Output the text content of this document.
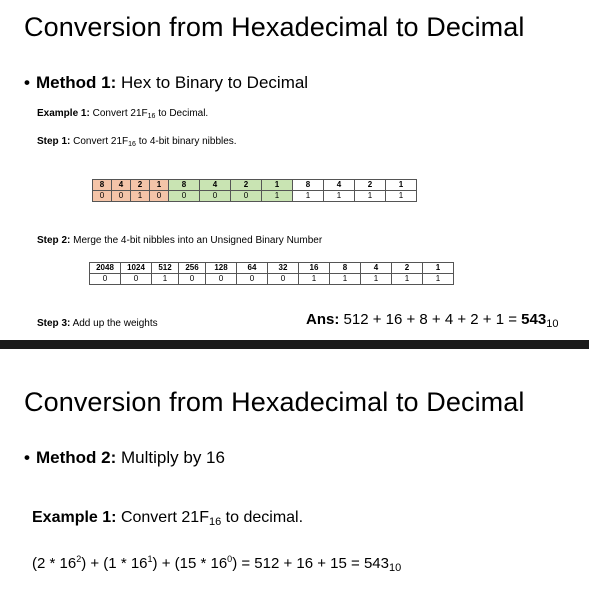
Conversion from Hexadecimal to Decimal
• Method 1: Hex to Binary to Decimal
Example 1: Convert $21F_{16}$ to Decimal.
Step 1: Convert $21F_{16}$ to 4-bit binary nibbles.
8	4	2	1	8	4	2	1	8	4	2	1
0	0	1	0	0	0	0	1	1	1	1	1
Step 2: Merge the 4-bit nibbles into an Unsigned Binary Number
2048	1024	512	256	128	64	32	16	8	4	2	1
0	0	1	0	0	0	0	1	1	1	1	1
Step 3: Add up the weights	Ans: $512 + 16 + 8 + 4 + 2 + 1 = 543_{10}$
Conversion from Hexadecimal to Decimal
• Method 2: Multiply by 16
Example 1: Convert 21F16 to decimal.
$(2 * 16^2) + (1 * 16^1) + (15 * 16^0) = 512 + 16 + 15 = 543_{10}$
